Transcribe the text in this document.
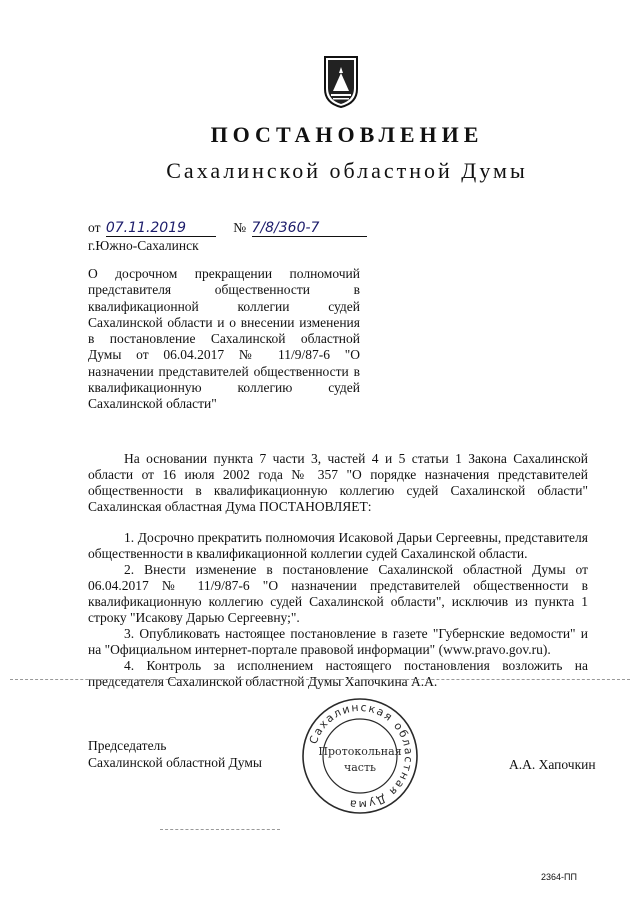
ПОСТАНОВЛЕНИЕ
Сахалинской областной Думы
от 07.11.2019	№ 7/8/360-7
г.Южно-Сахалинск
О досрочном прекращении полномочий представителя общественности в квалификационной коллегии судей Сахалинской области и о внесении изменения в постановление Сахалинской областной Думы от 06.04.2017 № 11/9/87-6 "О назначении представителей общественности в квалификационную коллегию судей Сахалинской области"

На основании пункта 7 части 3, частей 4 и 5 статьи 1 Закона Сахалинской области от 16 июля 2002 года № 357 "О порядке назначения представителей общественности в квалификационную коллегию судей Сахалинской области" Сахалинская областная Дума ПОСТАНОВЛЯЕТ:

1. Досрочно прекратить полномочия Исаковой Дарьи Сергеевны, представителя общественности в квалификационной коллегии судей Сахалинской области.

2. Внести изменение в постановление Сахалинской областной Думы от 06.04.2017 № 11/9/87-6 "О назначении представителей общественности в квалификационную коллегию судей Сахалинской области", исключив из пункта 1 строку "Исакову Дарью Сергеевну;".

3. Опубликовать настоящее постановление в газете "Губернские ведомости" и на "Официальном интернет-портале правовой информации" (www.pravo.gov.ru).

4. Контроль за исполнением настоящего постановления возложить на председателя Сахалинской областной Думы Хапочкина А.А.

Председатель
Сахалинской областной Думы	А.А. Хапочкин
Сахалинская областная Дума
Протокольная
часть
2364-ПП
